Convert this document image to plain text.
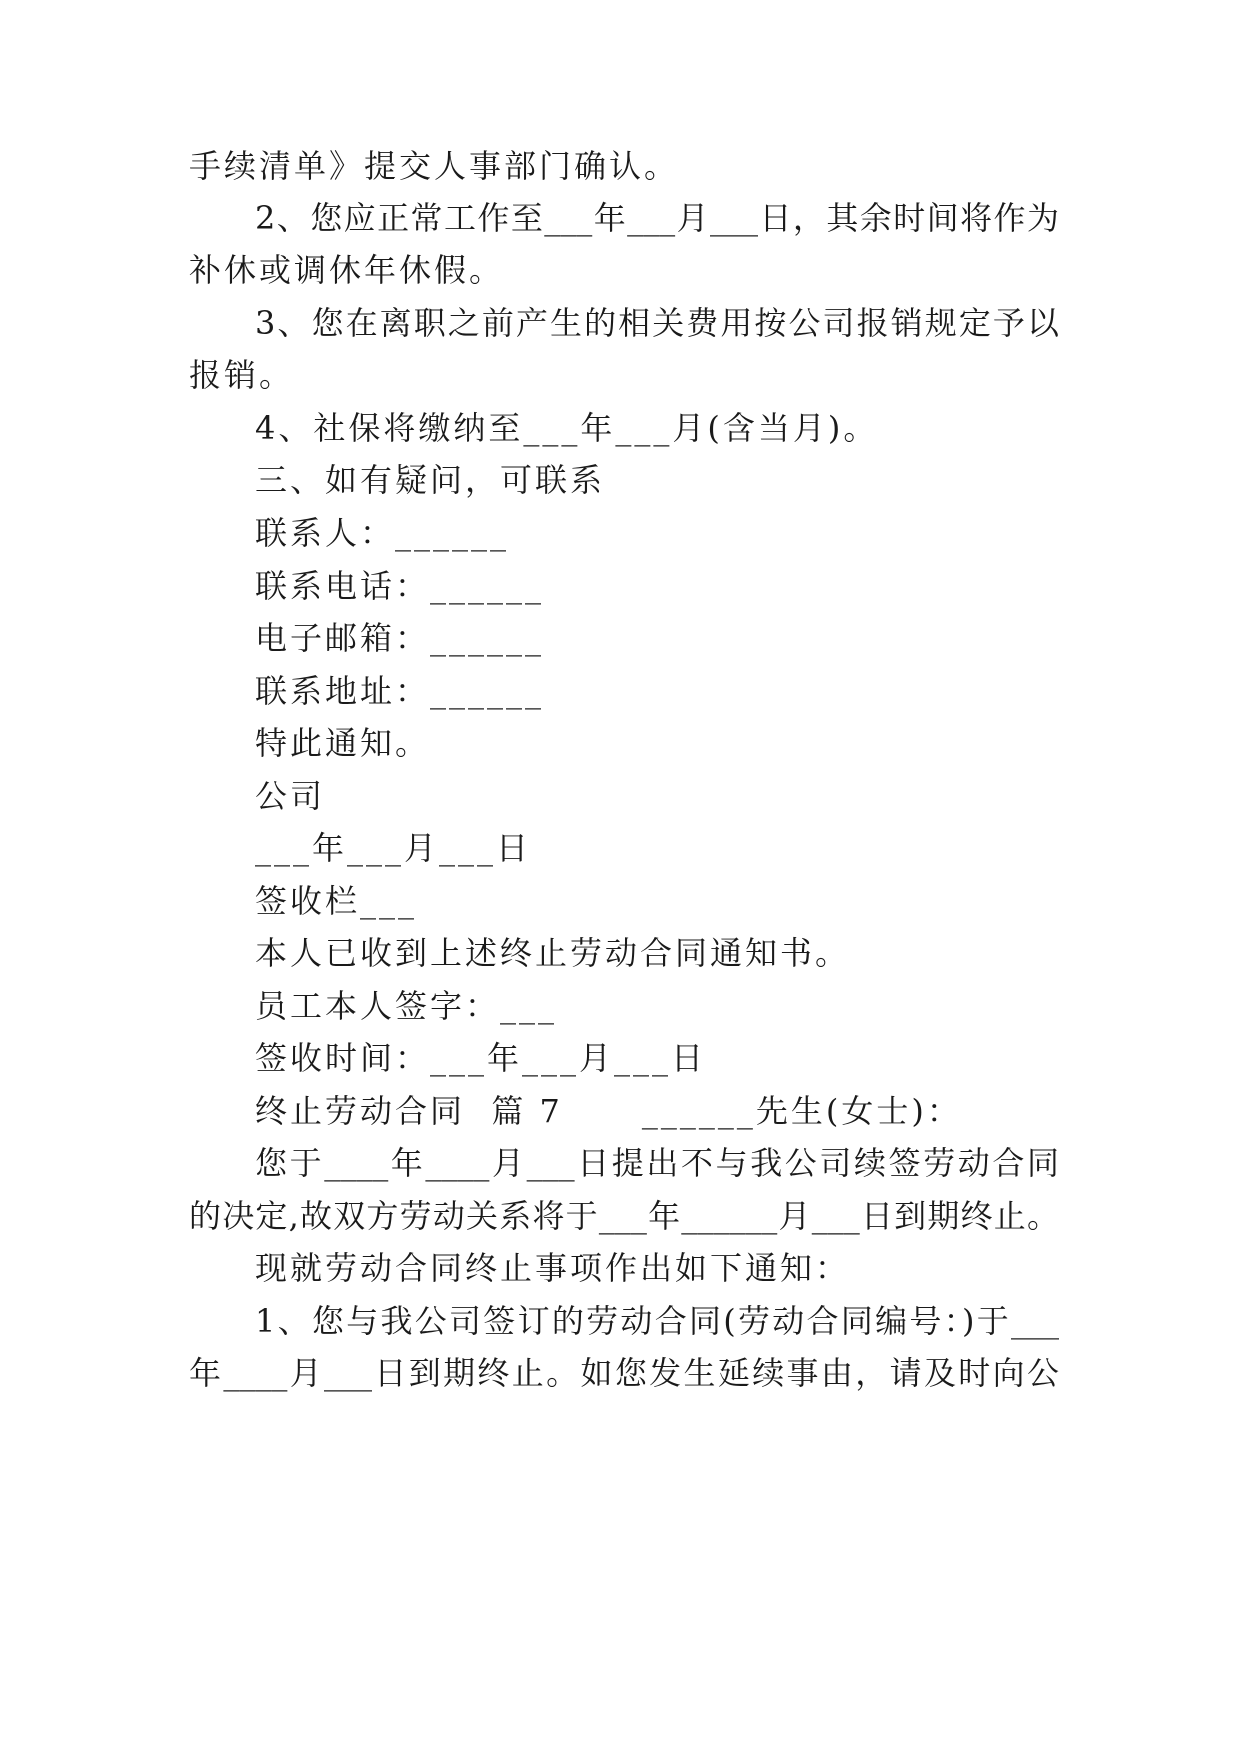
手续清单》提交人事部门确认。
2、您应正常工作至___年___月___日，其余时间将作为
补休或调休年休假。
3、您在离职之前产生的相关费用按公司报销规定予以
报销。
4、社保将缴纳至___年___月(含当月)。
三、如有疑问，可联系
联系人：______
联系电话：______
电子邮箱：______
联系地址：______
特此通知。
公司
___年___月___日
签收栏___
本人已收到上述终止劳动合同通知书。
员工本人签字：___
签收时间：___年___月___日
终止劳动合同  篇 7      ______先生(女士)：
您于____年____月___日提出不与我公司续签劳动合同
的决定,故双方劳动关系将于___年______月___日到期终止。
现就劳动合同终止事项作出如下通知：
1、您与我公司签订的劳动合同(劳动合同编号：)于___
年____月___日到期终止。如您发生延续事由，请及时向公
